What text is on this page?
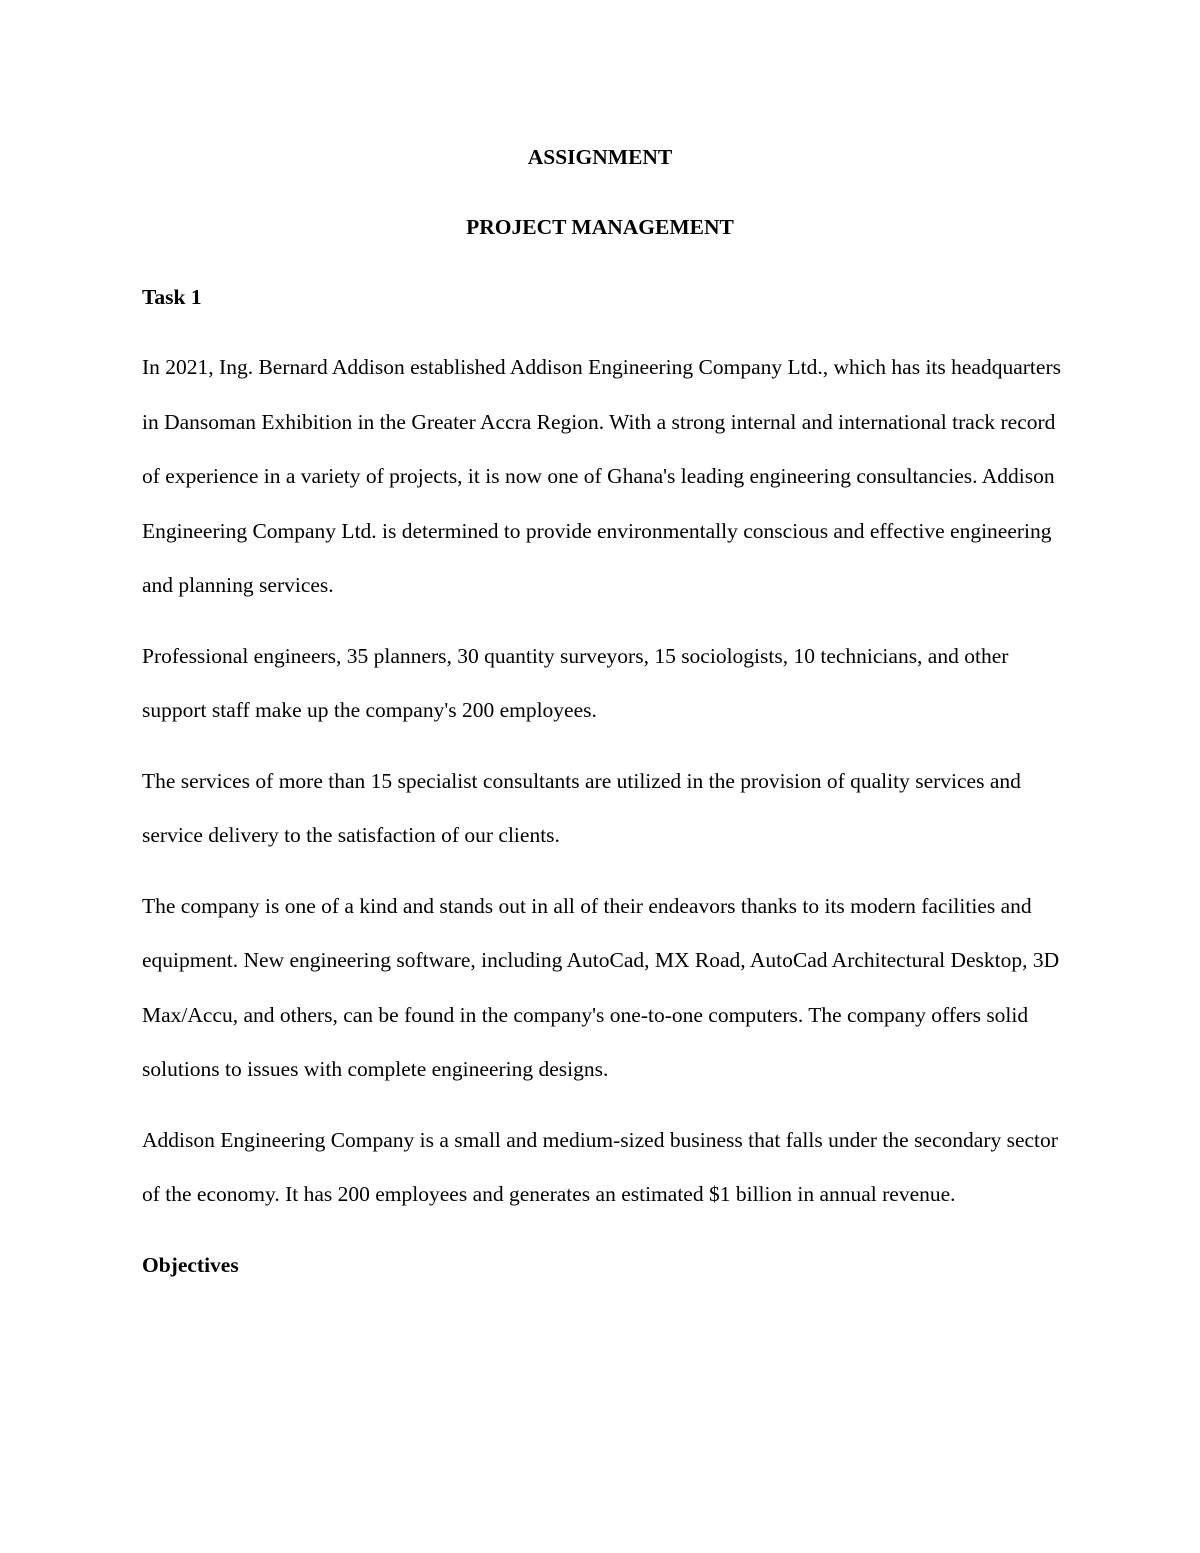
ASSIGNMENT

PROJECT MANAGEMENT

Task 1

In 2021, Ing. Bernard Addison established Addison Engineering Company Ltd., which has its headquarters in Dansoman Exhibition in the Greater Accra Region. With a strong internal and international track record of experience in a variety of projects, it is now one of Ghana's leading engineering consultancies. Addison Engineering Company Ltd. is determined to provide environmentally conscious and effective engineering and planning services.

Professional engineers, 35 planners, 30 quantity surveyors, 15 sociologists, 10 technicians, and other support staff make up the company's 200 employees.

The services of more than 15 specialist consultants are utilized in the provision of quality services and service delivery to the satisfaction of our clients.

The company is one of a kind and stands out in all of their endeavors thanks to its modern facilities and equipment. New engineering software, including AutoCad, MX Road, AutoCad Architectural Desktop, 3D Max/Accu, and others, can be found in the company's one-to-one computers. The company offers solid solutions to issues with complete engineering designs.

Addison Engineering Company is a small and medium-sized business that falls under the secondary sector of the economy. It has 200 employees and generates an estimated $1 billion in annual revenue.

Objectives
